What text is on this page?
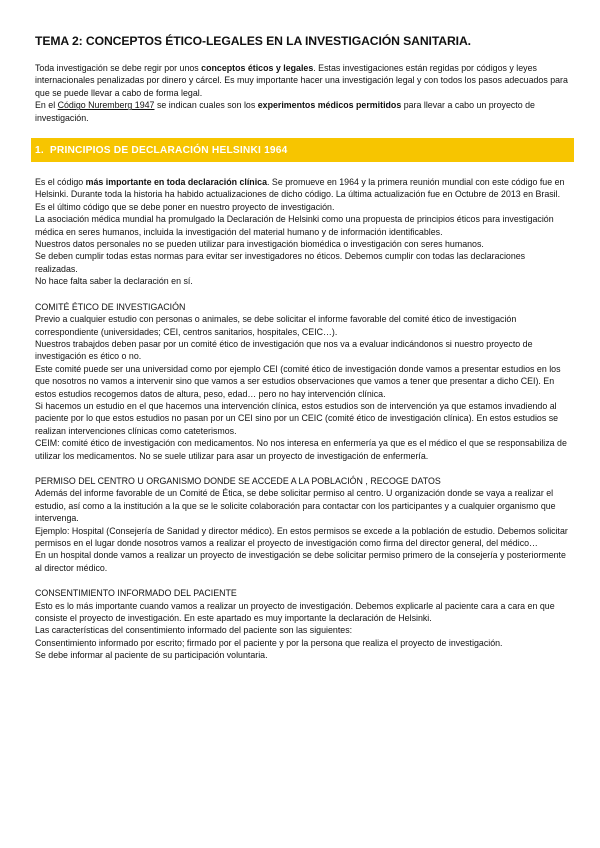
TEMA 2: CONCEPTOS ÉTICO-LEGALES EN LA INVESTIGACIÓN SANITARIA.

Toda investigación se debe regir por unos conceptos éticos y legales. Estas investigaciones están regidas por códigos y leyes internacionales penalizadas por dinero y cárcel. Es muy importante hacer una investigación legal y con todos los pasos adecuados para que se puede llevar a cabo de forma legal.

En el Código Nuremberg 1947 se indican cuales son los experimentos médicos permitidos para llevar a cabo un proyecto de investigación.

1. PRINCIPIOS DE DECLARACIÓN HELSINKI 1964

Es el código más importante en toda declaración clínica. Se promueve en 1964 y la primera reunión mundial con este código fue en Helsinki. Durante toda la historia ha habido actualizaciones de dicho código. La última actualización fue en Octubre de 2013 en Brasil. Es el último código que se debe poner en nuestro proyecto de investigación.

La asociación médica mundial ha promulgado la Declaración de Helsinki como una propuesta de principios éticos para investigación médica en seres humanos, incluida la investigación del material humano y de información identificables.

Nuestros datos personales no se pueden utilizar para investigación biomédica o investigación con seres humanos.

Se deben cumplir todas estas normas para evitar ser investigadores no éticos. Debemos cumplir con todas las declaraciones realizadas.

No hace falta saber la declaración en sí.

COMITÉ ÉTICO DE INVESTIGACIÓN

Previo a cualquier estudio con personas o animales, se debe solicitar el informe favorable del comité ético de investigación correspondiente (universidades; CEI, centros sanitarios, hospitales, CEIC…).

Nuestros trabajdos deben pasar por un comité ético de investigación que nos va a evaluar indicándonos si nuestro proyecto de investigación es ético o no.

Este comité puede ser una universidad como por ejemplo CEI (comité ético de investigación donde vamos a presentar estudios en los que nosotros no vamos a intervenir sino que vamos a ser estudios observaciones que vamos a tener que presentar a dicho CEI). En estos estudios recogemos datos de altura, peso, edad… pero no hay intervención clínica.

Si hacemos un estudio en el que hacemos una intervención clínica, estos estudios son de intervención ya que estamos invadiendo al paciente por lo que estos estudios no pasan por un CEI sino por un CEIC (comité ético de investigación clínica). En estos estudios se realizan intervenciones clínicas como cateterismos.

CEIM: comité ético de investigación con medicamentos. No nos interesa en enfermería ya que es el médico el que se responsabiliza de utilizar los medicamentos. No se suele utilizar para asar un proyecto de investigación de enfermería.

PERMISO DEL CENTRO U ORGANISMO DONDE SE ACCEDE A LA POBLACIÓN , RECOGE DATOS

Además del informe favorable de un Comité de Ética, se debe solicitar permiso al centro. U organización donde se vaya a realizar el estudio, así como a la institución a la que se le solicite colaboración para contactar con los participantes y a cualquier organismo que intervenga.

Ejemplo: Hospital (Consejería de Sanidad y director médico). En estos permisos se excede a la población de estudio. Debemos solicitar permisos en el lugar donde nosotros vamos a realizar el proyecto de investigación como firma del director general, del médico…

En un hospital donde vamos a realizar un proyecto de investigación se debe solicitar permiso primero de la consejería y posteriormente al director médico.

CONSENTIMIENTO INFORMADO DEL PACIENTE

Esto es lo más importante cuando vamos a realizar un proyecto de investigación. Debemos explicarle al paciente cara a cara en que consiste el proyecto de investigación. En este apartado es muy importante la declaración de Helsinki.

Las características del consentimiento informado del paciente son las siguientes:

Consentimiento informado por escrito; firmado por el paciente y por la persona que realiza el proyecto de investigación.

Se debe informar al paciente de su participación voluntaria.
